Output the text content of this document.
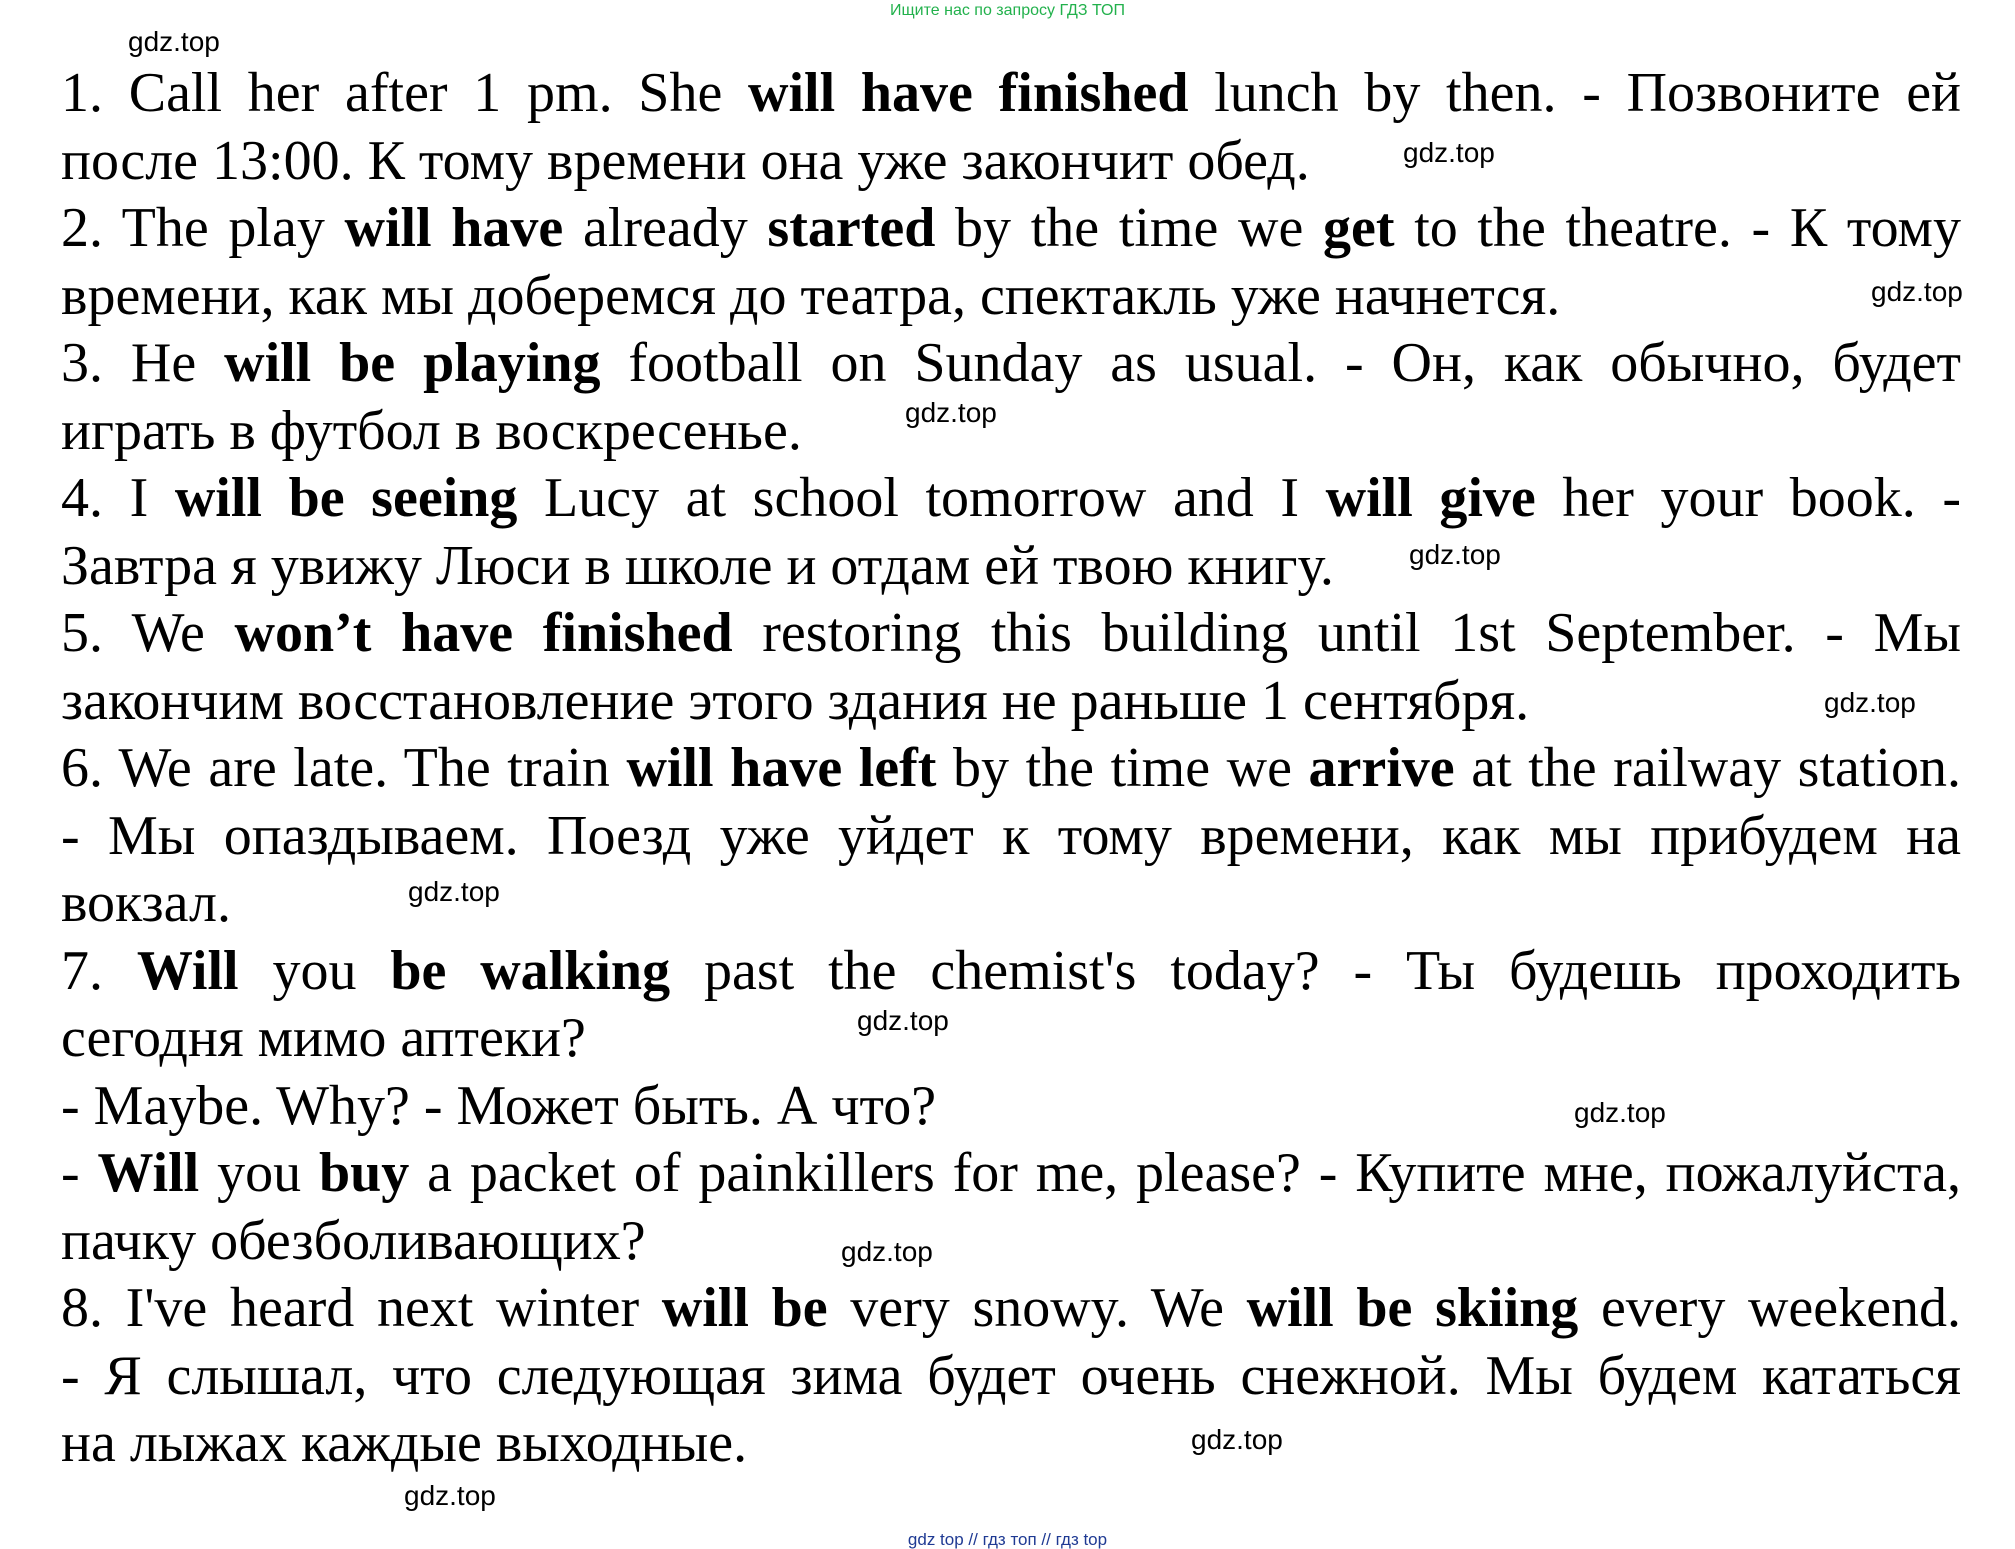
Ищите нас по запросу ГДЗ ТОП
1. Call her after 1 pm. She will have finished lunch by then. - Позвоните ей
после 13:00. К тому времени она уже закончит обед.
2. The play will have already started by the time we get to the theatre. - К тому
времени, как мы доберемся до театра, спектакль уже начнется.
3. He will be playing football on Sunday as usual. - Он, как обычно, будет
играть в футбол в воскресенье.
4. I will be seeing Lucy at school tomorrow and I will give her your book. -
Завтра я увижу Люси в школе и отдам ей твою книгу.
5. We won’t have finished restoring this building until 1st September. - Мы
закончим восстановление этого здания не раньше 1 сентября.
6. We are late. The train will have left by the time we arrive at the railway station.
- Мы опаздываем. Поезд уже уйдет к тому времени, как мы прибудем на
вокзал.
7. Will you be walking past the chemist's today? - Ты будешь проходить
сегодня мимо аптеки?
- Maybe. Why? - Может быть. А что?
- Will you buy a packet of painkillers for me, please? - Купите мне, пожалуйста,
пачку обезболивающих?
8. I've heard next winter will be very snowy. We will be skiing every weekend.
- Я слышал, что следующая зима будет очень снежной. Мы будем кататься
на лыжах каждые выходные.
gdz.top
gdz.top
gdz.top
gdz.top
gdz.top
gdz.top
gdz.top
gdz.top
gdz.top
gdz.top
gdz.top
gdz.top
gdz top // гдз топ // гдз top
